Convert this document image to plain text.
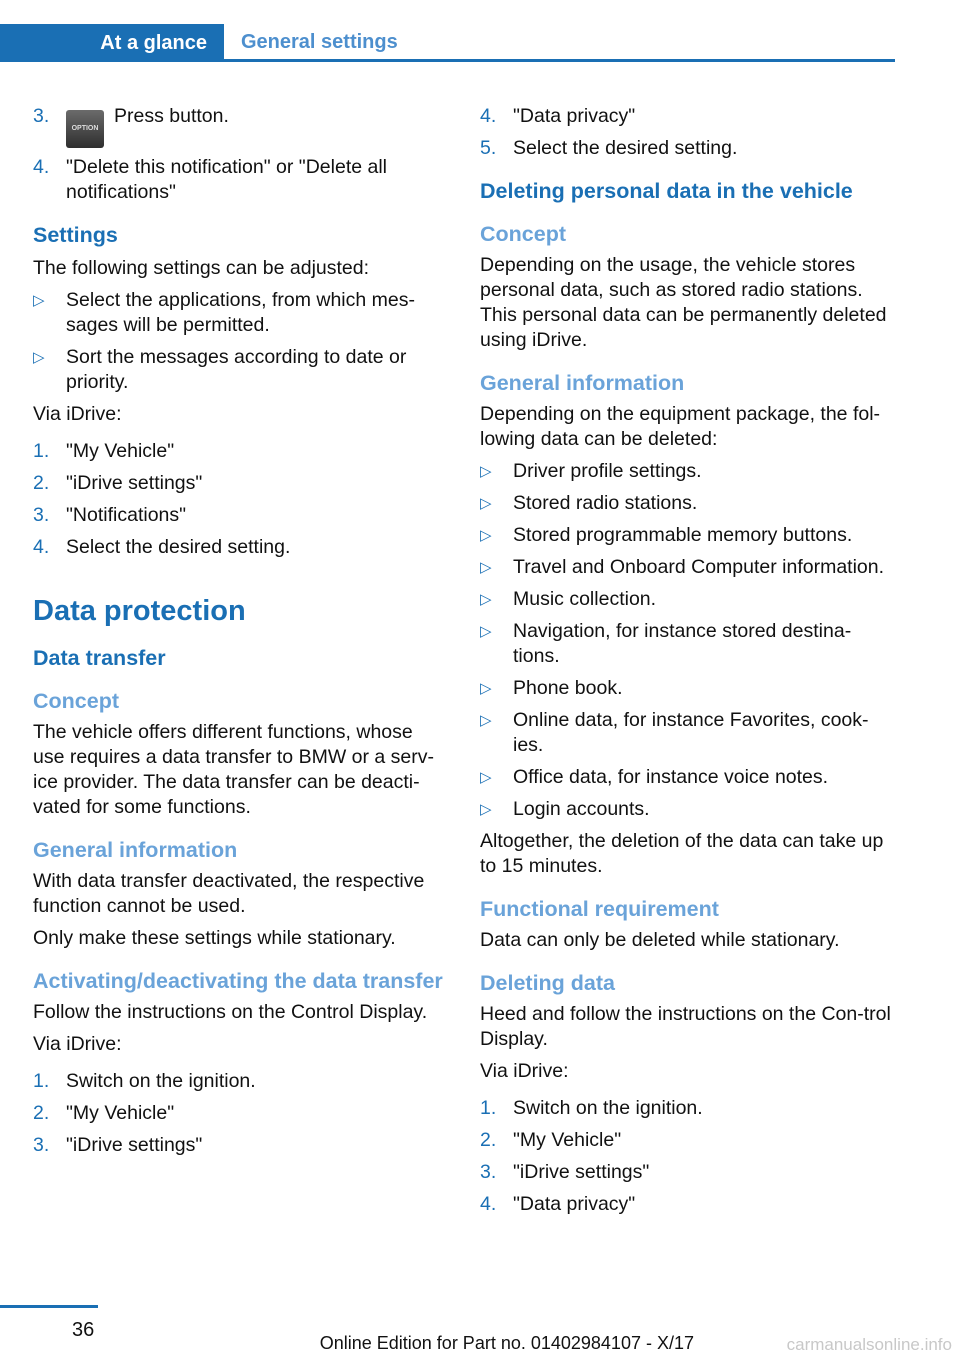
At a glance	General settings
3.
OPTIONPress button.
4. "Delete this notification" or "Delete all notifications"
Settings

The following settings can be adjusted:

▷	Select the applications, from which mes‐sages will be permitted.
▷	Sort the messages according to date or priority.

Via iDrive:

1. "My Vehicle"
2. "iDrive settings"
3. "Notifications"
4. Select the desired setting.
Data protection
Data transfer
Concept

The vehicle offers different functions, whose use requires a data transfer to BMW or a serv‐ice provider. The data transfer can be deacti‐vated for some functions.

General information

With data transfer deactivated, the respective function cannot be used.

Only make these settings while stationary.

Activating/deactivating the data transfer

Follow the instructions on the Control Display.

Via iDrive:

1. Switch on the ignition.
2. "My Vehicle"
3. "iDrive settings"
4. "Data privacy"
5. Select the desired setting.
Deleting personal data in the vehicle
Concept

Depending on the usage, the vehicle stores personal data, such as stored radio stations. This personal data can be permanently deleted using iDrive.

General information

Depending on the equipment package, the fol‐lowing data can be deleted:

▷	Driver profile settings.
▷	Stored radio stations.
▷	Stored programmable memory buttons.
▷	Travel and Onboard Computer information.
▷	Music collection.
▷	Navigation, for instance stored destina‐tions.
▷	Phone book.
▷	Online data, for instance Favorites, cook‐ies.
▷	Office data, for instance voice notes.
▷	Login accounts.

Altogether, the deletion of the data can take up to 15 minutes.

Functional requirement

Data can only be deleted while stationary.

Deleting data

Heed and follow the instructions on the Con‐trol Display.

Via iDrive:

1. Switch on the ignition.
2. "My Vehicle"
3. "iDrive settings"
4. "Data privacy"
36
Online Edition for Part no. 01402984107 - X/17	carmanualsonline.info
